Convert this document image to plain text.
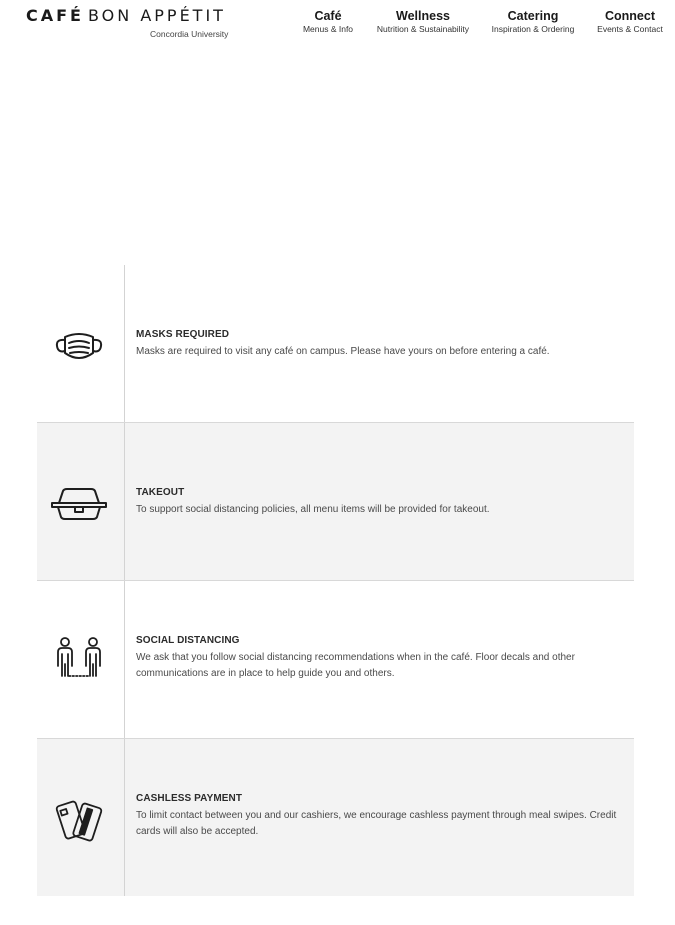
CAFÉ BON APPÉTIT
Concordia University
Café
Menus & Info
Wellness
Nutrition & Sustainability
Catering
Inspiration & Ordering
Connect
Events & Contact
MASKS REQUIRED
Masks are required to visit any café on campus. Please have yours on before entering a café.
TAKEOUT
To support social distancing policies, all menu items will be provided for takeout.
SOCIAL DISTANCING
We ask that you follow social distancing recommendations when in the café. Floor decals and other communications are in place to help guide you and others.
CASHLESS PAYMENT
To limit contact between you and our cashiers, we encourage cashless payment through meal swipes. Credit cards will also be accepted.
